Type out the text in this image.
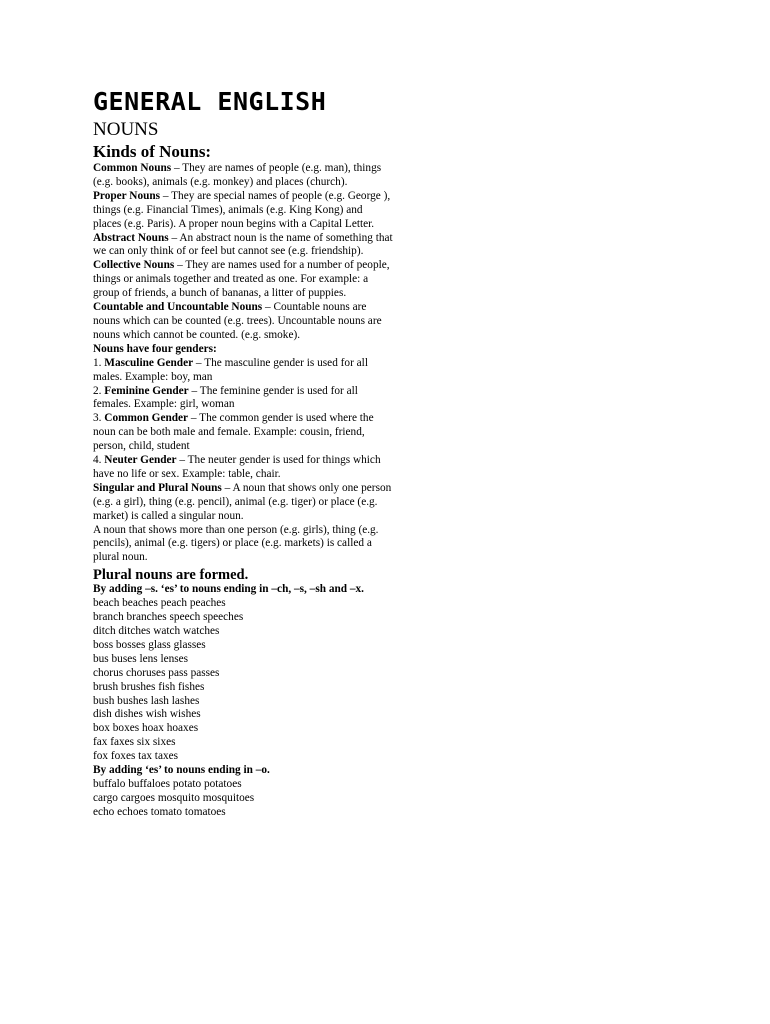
GENERAL ENGLISH
NOUNS
Kinds of Nouns:

Common Nouns – They are names of people (e.g. man), things (e.g. books), animals (e.g. monkey) and places (church).

Proper Nouns – They are special names of people (e.g. George ), things (e.g. Financial Times), animals (e.g. King Kong) and places (e.g. Paris). A proper noun begins with a Capital Letter.

Abstract Nouns – An abstract noun is the name of something that we can only think of or feel but cannot see (e.g. friendship).

Collective Nouns – They are names used for a number of people, things or animals together and treated as one. For example: a group of friends, a bunch of bananas, a litter of puppies.

Countable and Uncountable Nouns – Countable nouns are nouns which can be counted (e.g. trees). Uncountable nouns are nouns which cannot be counted. (e.g. smoke).

Nouns have four genders:

1. Masculine Gender – The masculine gender is used for all males. Example: boy, man

2. Feminine Gender – The feminine gender is used for all females. Example: girl, woman

3. Common Gender – The common gender is used where the noun can be both male and female. Example: cousin, friend, person, child, student

4. Neuter Gender – The neuter gender is used for things which have no life or sex. Example: table, chair.

Singular and Plural Nouns – A noun that shows only one person (e.g. a girl), thing (e.g. pencil), animal (e.g. tiger) or place (e.g. market) is called a singular noun.

A noun that shows more than one person (e.g. girls), thing (e.g. pencils), animal (e.g. tigers) or place (e.g. markets) is called a plural noun.

Plural nouns are formed.

By adding –s. ‘es’ to nouns ending in –ch, –s, –sh and –x.

beach beaches peach peaches

branch branches speech speeches

ditch ditches watch watches

boss bosses glass glasses

bus buses lens lenses

chorus choruses pass passes

brush brushes fish fishes

bush bushes lash lashes

dish dishes wish wishes

box boxes hoax hoaxes

fax faxes six sixes

fox foxes tax taxes

By adding ‘es’ to nouns ending in –o.

buffalo buffaloes potato potatoes

cargo cargoes mosquito mosquitoes

echo echoes tomato tomatoes
